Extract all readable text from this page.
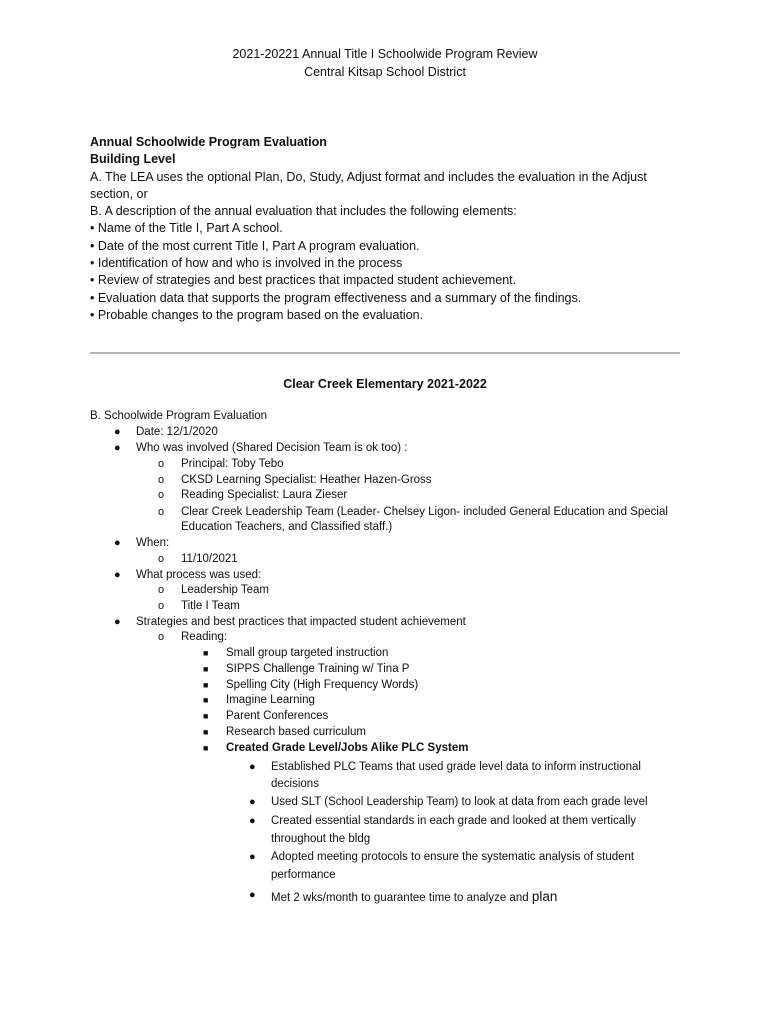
2021-20221 Annual Title I Schoolwide Program Review
Central Kitsap School District

Annual Schoolwide Program Evaluation

Building Level

A. The LEA uses the optional Plan, Do, Study, Adjust format and includes the evaluation in the Adjust section, or

B. A description of the annual evaluation that includes the following elements:

• Name of the Title I, Part A school.

• Date of the most current Title I, Part A program evaluation.

• Identification of how and who is involved in the process

• Review of strategies and best practices that impacted student achievement.

• Evaluation data that supports the program effectiveness and a summary of the findings.

• Probable changes to the program based on the evaluation.

Clear Creek Elementary 2021-2022
B. Schoolwide Program Evaluation
● Date: 12/1/2020
● Who was involved (Shared Decision Team is ok too) :
o Principal: Toby Tebo
o CKSD Learning Specialist: Heather Hazen-Gross
o Reading Specialist: Laura Zieser
o Clear Creek Leadership Team (Leader- Chelsey Ligon- included General Education and Special
Education Teachers, and Classified staff.)
● When:
o 11/10/2021
● What process was used:
o Leadership Team
o Title I Team
● Strategies and best practices that impacted student achievement
o Reading:
■ Small group targeted instruction
■ SIPPS Challenge Training w/ Tina P
■ Spelling City (High Frequency Words)
■ Imagine Learning
■ Parent Conferences
■ Research based curriculum
■ Created Grade Level/Jobs Alike PLC System
● Established PLC Teams that used grade level data to inform instructional
decisions
● Used SLT (School Leadership Team) to look at data from each grade level
● Created essential standards in each grade and looked at them vertically
throughout the bldg
● Adopted meeting protocols to ensure the systematic analysis of student
performance
● Met 2 wks/month to guarantee time to analyze and plan
